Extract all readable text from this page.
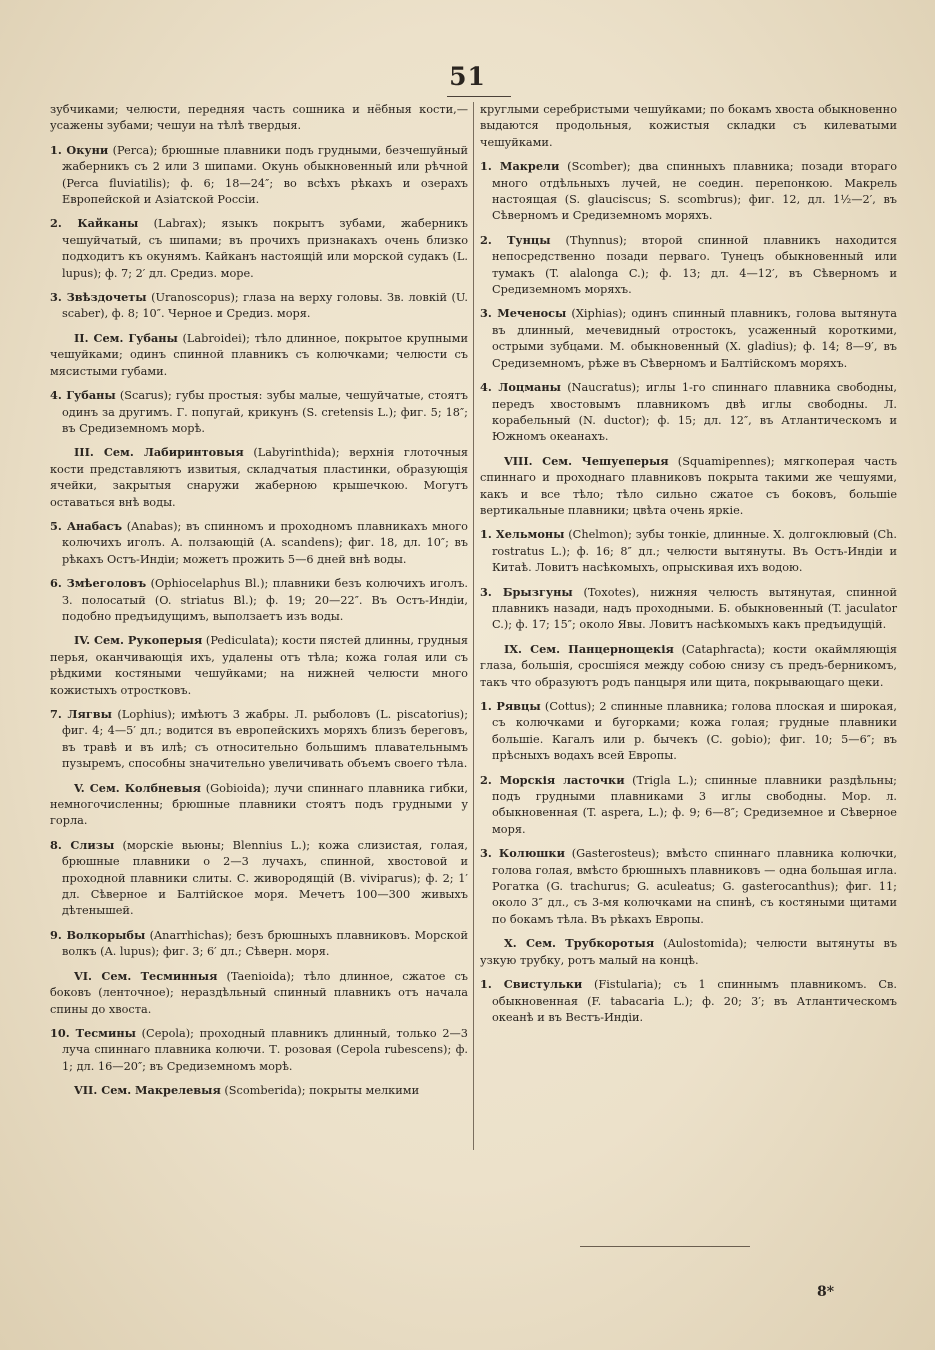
51
зубчиками; челюсти, передняя часть сошника и нёбныя кости,— усажены зубами; чешуи на тѣлѣ твердыя.
1. Окуни (Perca); брюшные плавники подъ грудными, безчешуйный жаберникъ съ 2 или 3 шипами. Окунь обыкновенный или рѣчной (Perca fluviatilis); ф. 6; 18—24″; во всѣхъ рѣкахъ и озерахъ Европейской и Азіатской Россіи.
2. Кайканы (Labrax); языкъ покрытъ зубами, жаберникъ чешуйчатый, съ шипами; въ прочихъ признакахъ очень близко подходитъ къ окунямъ. Кайканъ настоящій или морской судакъ (L. lupus); ф. 7; 2′ дл. Средиз. море.
3. Звѣздочеты (Uranoscopus); глаза на верху головы. Зв. ловкій (U. scaber), ф. 8; 10″. Черное и Средиз. моря.
II. Сем. Губаны (Labroidei); тѣло длинное, покрытое крупными чешуйками; одинъ спинной плавникъ съ колючками; челюсти съ мясистыми губами.
4. Губаны (Scarus); губы простыя: зубы малые, чешуйчатые, стоятъ одинъ за другимъ. Г. попугай, крикунъ (S. cretensis L.); фиг. 5; 18″; въ Средиземномъ морѣ.
III. Сем. Лабиринтовыя (Labyrinthida); верхнія глоточныя кости представляютъ извитыя, складчатыя пластинки, образующія ячейки, закрытыя снаружи жаберною крышечкою. Могутъ оставаться внѣ воды.
5. Анабасъ (Anabas); въ спинномъ и проходномъ плавникахъ много колючихъ иголъ. А. ползающій (A. scandens); фиг. 18, дл. 10″; въ рѣкахъ Остъ-Индіи; можетъ прожить 5—6 дней внѣ воды.
6. Змѣеголовъ (Ophiocelaphus Bl.); плавники безъ колючихъ иголъ. З. полосатый (O. striatus Bl.); ф. 19; 20—22″. Въ Остъ-Индіи, подобно предъидущимъ, выползаетъ изъ воды.
IV. Сем. Рукоперыя (Pediculata); кости пястей длинны, грудныя перья, оканчивающія ихъ, удалены отъ тѣла; кожа голая или съ рѣдкими костяными чешуйками; на нижней челюсти много кожистыхъ отростковъ.
7. Лягвы (Lophius); имѣютъ 3 жабры. Л. рыболовъ (L. piscatorius); фиг. 4; 4—5′ дл.; водится въ европейскихъ моряхъ близъ береговъ, въ травѣ и въ илѣ; съ относительно большимъ плавательнымъ пузыремъ, способны значительно увеличивать объемъ своего тѣла.
V. Сем. Колбневыя (Gobioida); лучи спиннаго плавника гибки, немногочисленны; брюшные плавники стоятъ подъ грудными у горла.
8. Слизы (морскіе вьюны; Blennius L.); кожа слизистая, голая, брюшные плавники о 2—3 лучахъ, спинной, хвостовой и проходной плавники слиты. С. живородящій (B. viviparus); ф. 2; 1′ дл. Сѣверное и Балтійское моря. Мечетъ 100—300 живыхъ дѣтенышей.
9. Волкорыбы (Anarrhichas); безъ брюшныхъ плавниковъ. Морской волкъ (A. lupus); фиг. 3; 6′ дл.; Сѣверн. моря.
VI. Сем. Тесминныя (Taenioida); тѣло длинное, сжатое съ боковъ (ленточное); нераздѣльный спинный плавникъ отъ начала спины до хвоста.
10. Тесмины (Cepola); проходный плавникъ длинный, только 2—3 луча спиннаго плавника колючи. Т. розовая (Cepola rubescens); ф. 1; дл. 16—20″; въ Средиземномъ морѣ.
VII. Сем. Макрелевыя (Scomberida); покрыты мелкими
круглыми серебристыми чешуйками; по бокамъ хвоста обыкновенно выдаются продольныя, кожистыя складки съ килеватыми чешуйками.
1. Макрели (Scomber); два спинныхъ плавника; позади втораго много отдѣльныхъ лучей, не соедин. перепонкою. Макрель настоящая (S. glauciscus; S. scombrus); фиг. 12, дл. 1½—2′, въ Сѣверномъ и Средиземномъ моряхъ.
2. Тунцы (Thynnus); второй спинной плавникъ находится непосредственно позади перваго. Тунецъ обыкновенный или тумакъ (T. alalonga C.); ф. 13; дл. 4—12′, въ Сѣверномъ и Средиземномъ моряхъ.
3. Меченосы (Xiphias); одинъ спинный плавникъ, голова вытянута въ длинный, мечевидный отростокъ, усаженный короткими, острыми зубцами. М. обыкновенный (X. gladius); ф. 14; 8—9′, въ Средиземномъ, рѣже въ Сѣверномъ и Балтійскомъ моряхъ.
4. Лоцманы (Naucratus); иглы 1-го спиннаго плавника свободны, передъ хвостовымъ плавникомъ двѣ иглы свободны. Л. корабельный (N. ductor); ф. 15; дл. 12″, въ Атлантическомъ и Южномъ океанахъ.
VIII. Сем. Чешуеперыя (Squamipennes); мягкоперая часть спиннаго и проходнаго плавниковъ покрыта такими же чешуями, какъ и все тѣло; тѣло сильно сжатое съ боковъ, большіе вертикальные плавники; цвѣта очень яркіе.
1. Хельмоны (Chelmon); зубы тонкіе, длинные. Х. долгоклювый (Ch. rostratus L.); ф. 16; 8″ дл.; челюсти вытянуты. Въ Остъ-Индіи и Китаѣ. Ловитъ насѣкомыхъ, опрыскивая ихъ водою.
3. Брызгуны (Toxotes), нижняя челюсть вытянутая, спинной плавникъ назади, надъ проходными. Б. обыкновенный (T. jaculator C.); ф. 17; 15″; около Явы. Ловитъ насѣкомыхъ какъ предъидущій.
IX. Сем. Панцернощекія (Cataphracta); кости окаймляющія глаза, большія, сросшіяся между собою снизу съ предъ-берникомъ, такъ что образуютъ родъ панцыря или щита, покрывающаго щеки.
1. Рявцы (Cottus); 2 спинные плавника; голова плоская и широкая, съ колючками и бугорками; кожа голая; грудные плавники большіе. Кагалъ или р. бычекъ (C. gobio); фиг. 10; 5—6″; въ прѣсныхъ водахъ всей Европы.
2. Морскія ласточки (Trigla L.); спинные плавники раздѣльны; подъ грудными плавниками 3 иглы свободны. Мор. л. обыкновенная (T. aspera, L.); ф. 9; 6—8″; Средиземное и Сѣверное моря.
3. Колюшки (Gasterosteus); вмѣсто спиннаго плавника колючки, голова голая, вмѣсто брюшныхъ плавниковъ — одна большая игла. Рогатка (G. trachurus; G. aculeatus; G. gasterocanthus); фиг. 11; около 3″ дл., съ 3-мя колючками на спинѣ, съ костяными щитами по бокамъ тѣла. Въ рѣкахъ Европы.
X. Сем. Трубкоротыя (Aulostomida); челюсти вытянуты въ узкую трубку, ротъ малый на концѣ.
1. Свистульки (Fistularia); съ 1 спиннымъ плавникомъ. Св. обыкновенная (F. tabacaria L.); ф. 20; 3′; въ Атлантическомъ океанѣ и въ Вестъ-Индіи.
8*
